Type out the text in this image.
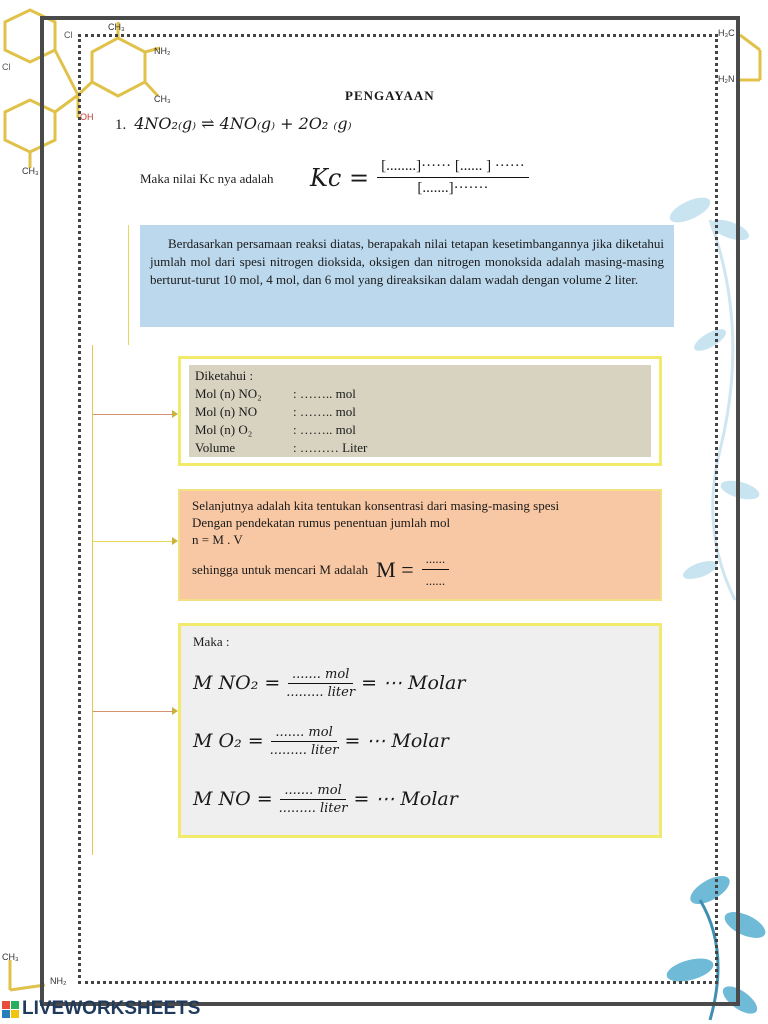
Cl
Cl
CH₃
NH₂
CH₃
OH
CH₃
H₃C
H₂N
CH₃
NH₂
PENGAYAAN
1. 4NO₂₍g₎ ⇌ 4NO₍g₎ + 2O₂ ₍g₎
Maka nilai Kc nya adalah $Kc = \frac{[........]\cdot\cdot\cdot\cdot\cdot\cdot [...... ] \cdot\cdot\cdot\cdot\cdot\cdot}{[.......]\cdot\cdot\cdot\cdot\cdot\cdot\cdot}$
Berdasarkan persamaan reaksi diatas, berapakah nilai tetapan kesetimbangannya jika diketahui jumlah mol dari spesi nitrogen dioksida, oksigen dan nitrogen monoksida adalah masing-masing berturut-turut 10 mol, 4 mol, dan 6 mol yang direaksikan dalam wadah dengan volume 2 liter.
Diketahui :
Mol (n) NO₂	: …….. mol
Mol (n) NO	: …….. mol
Mol (n) O₂	: …….. mol
Volume	: ……… Liter
Selanjutnya adalah kita tentukan konsentrasi dari masing-masing spesi
Dengan pendekatan rumus penentuan jumlah mol
n = M . V
sehingga untuk mencari M adalah $M = \frac{......}{......}$
Maka :
M NO₂ = ....... mol
......... liter = ⋯ Molar
M O₂ = ....... mol
......... liter = ⋯ Molar
M NO = ....... mol
......... liter = ⋯ Molar
LIVEWORKSHEETS
